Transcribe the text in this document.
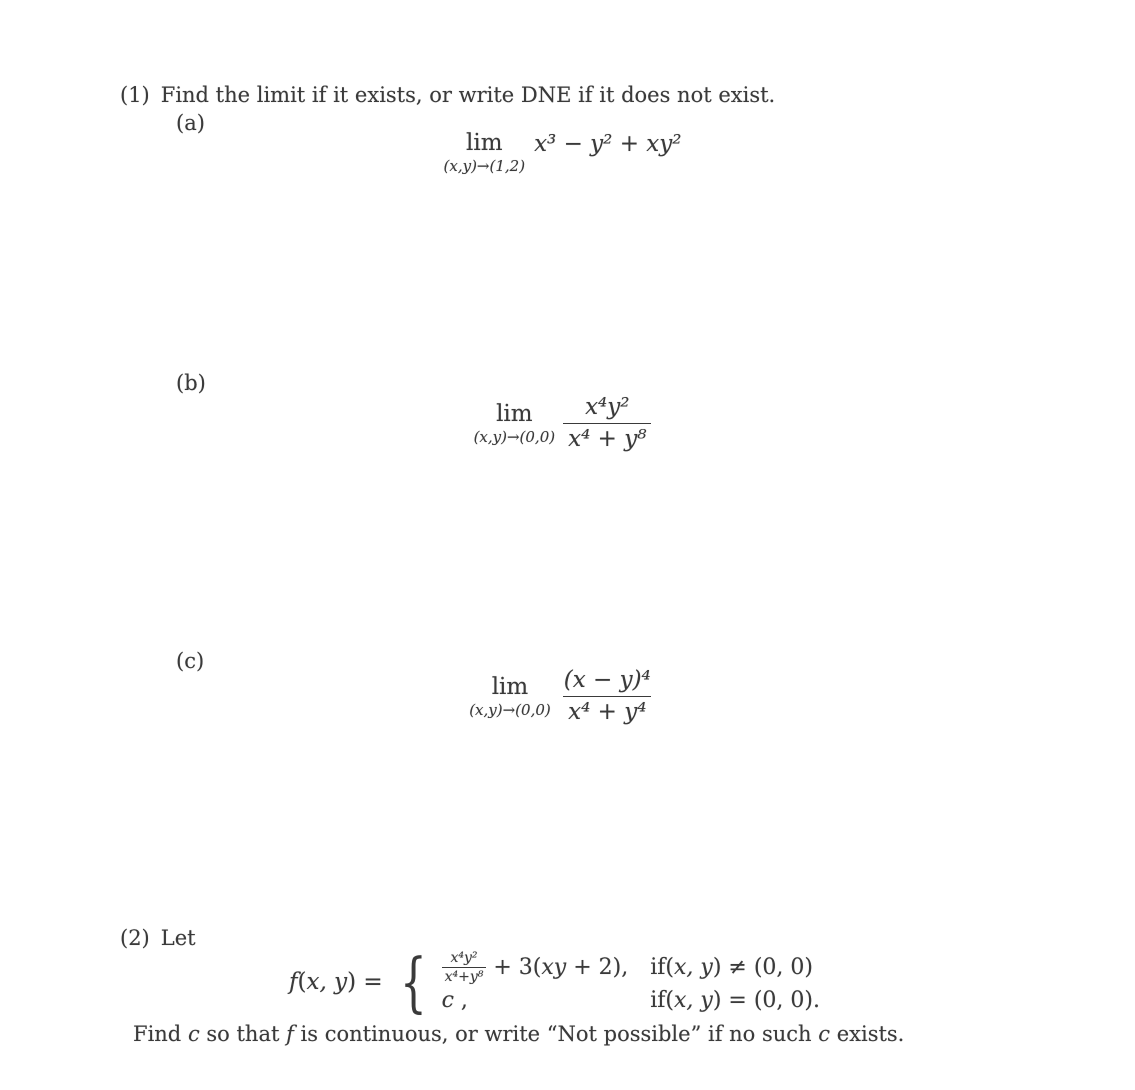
(1) Find the limit if it exists, or write DNE if it does not exist.
(a)
lim
(x,y)→(1,2)
x³ − y² + xy²
(b)
lim
$(x,y)\to(0,0) \frac{\text{x⁴y²}}{\text{x⁴ + y⁸}}$
(c)
lim
$(x,y)\to(0,0) \frac{\text{(x − y)⁴}}{\text{x⁴ + y⁴}}$
(2) Let
f(x, y) = { $\frac{\text{x⁴y²}}{\text{x⁴+y⁸}} + 3(xy + 2)$, if(x, y) ≠ (0, 0)
c ,	if(x, y) = (0, 0).
Find c so that f is continuous, or write “Not possible” if no such c exists.
